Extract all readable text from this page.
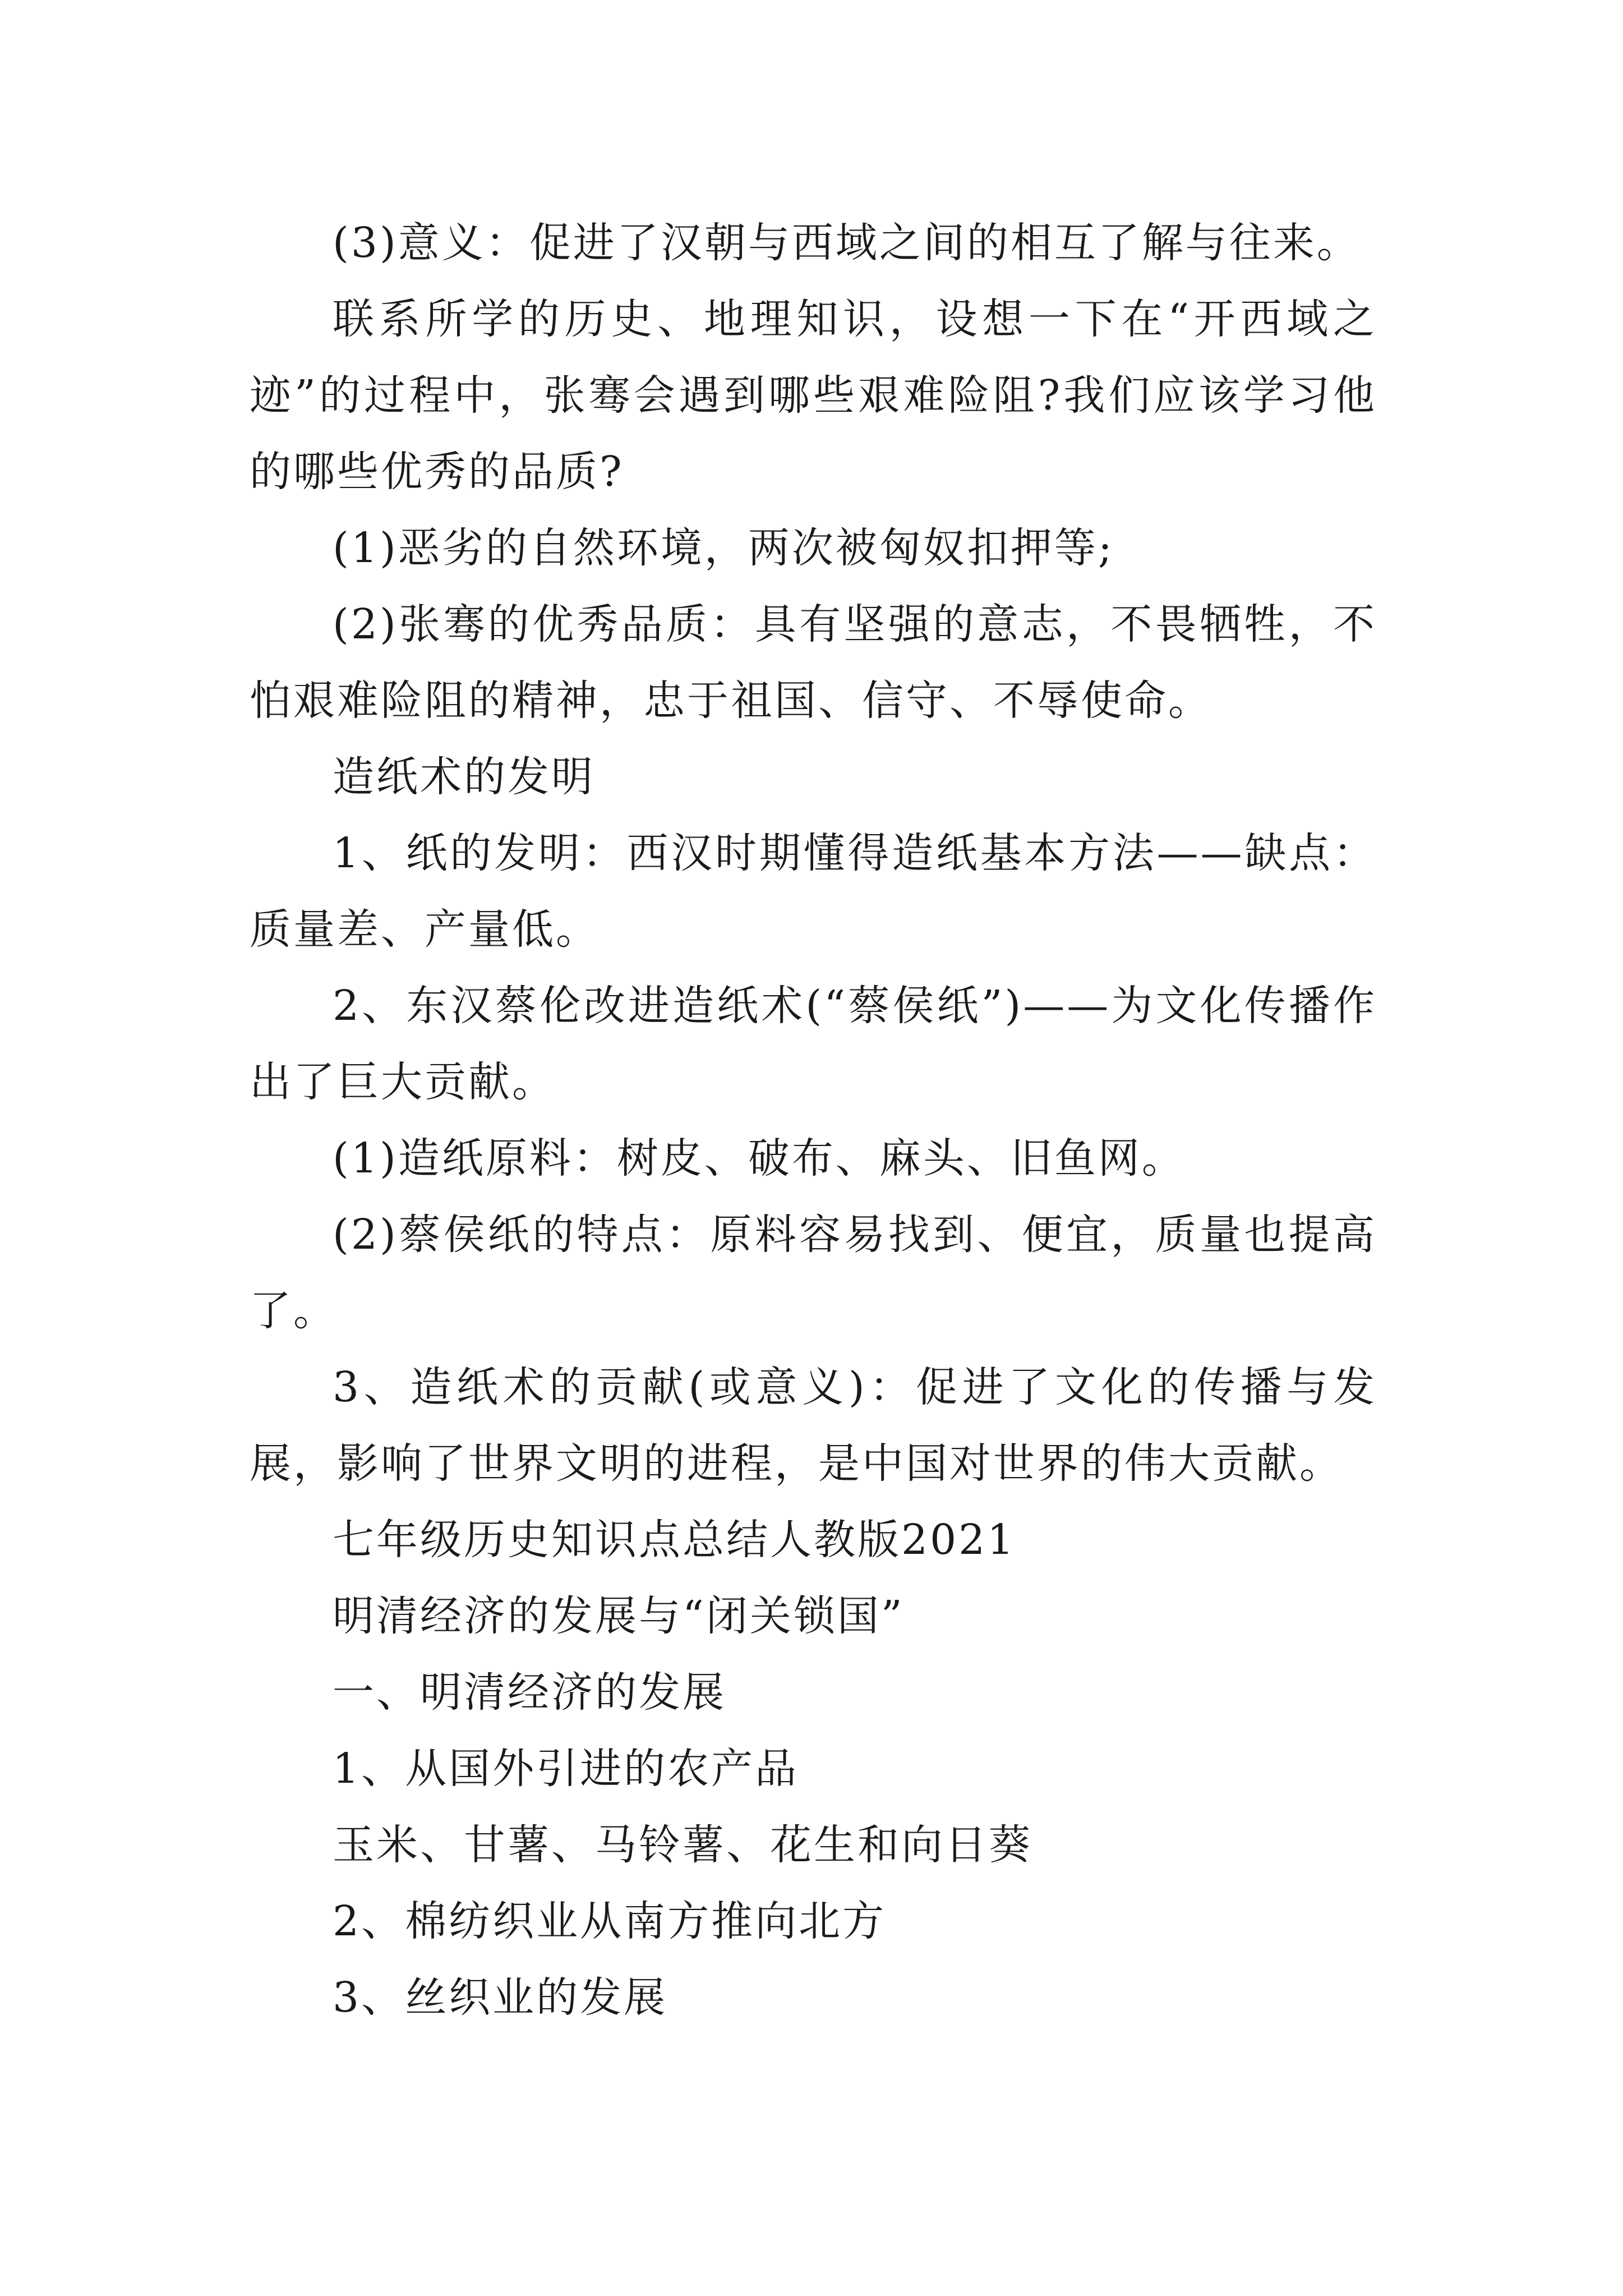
(3)意义：促进了汉朝与西域之间的相互了解与往来。

联系所学的历史、地理知识，设想一下在“开西域之迹”的过程中，张骞会遇到哪些艰难险阻?我们应该学习他的哪些优秀的品质?

(1)恶劣的自然环境，两次被匈奴扣押等;

(2)张骞的优秀品质：具有坚强的意志，不畏牺牲，不怕艰难险阻的精神，忠于祖国、信守、不辱使命。

造纸术的发明

1、纸的发明：西汉时期懂得造纸基本方法——缺点：质量差、产量低。

2、东汉蔡伦改进造纸术(“蔡侯纸”)——为文化传播作出了巨大贡献。

(1)造纸原料：树皮、破布、麻头、旧鱼网。

(2)蔡侯纸的特点：原料容易找到、便宜，质量也提高了。

3、造纸术的贡献(或意义)：促进了文化的传播与发展，影响了世界文明的进程，是中国对世界的伟大贡献。

七年级历史知识点总结人教版2021

明清经济的发展与“闭关锁国”

一、明清经济的发展

1、从国外引进的农产品

玉米、甘薯、马铃薯、花生和向日葵

2、棉纺织业从南方推向北方

3、丝织业的发展
